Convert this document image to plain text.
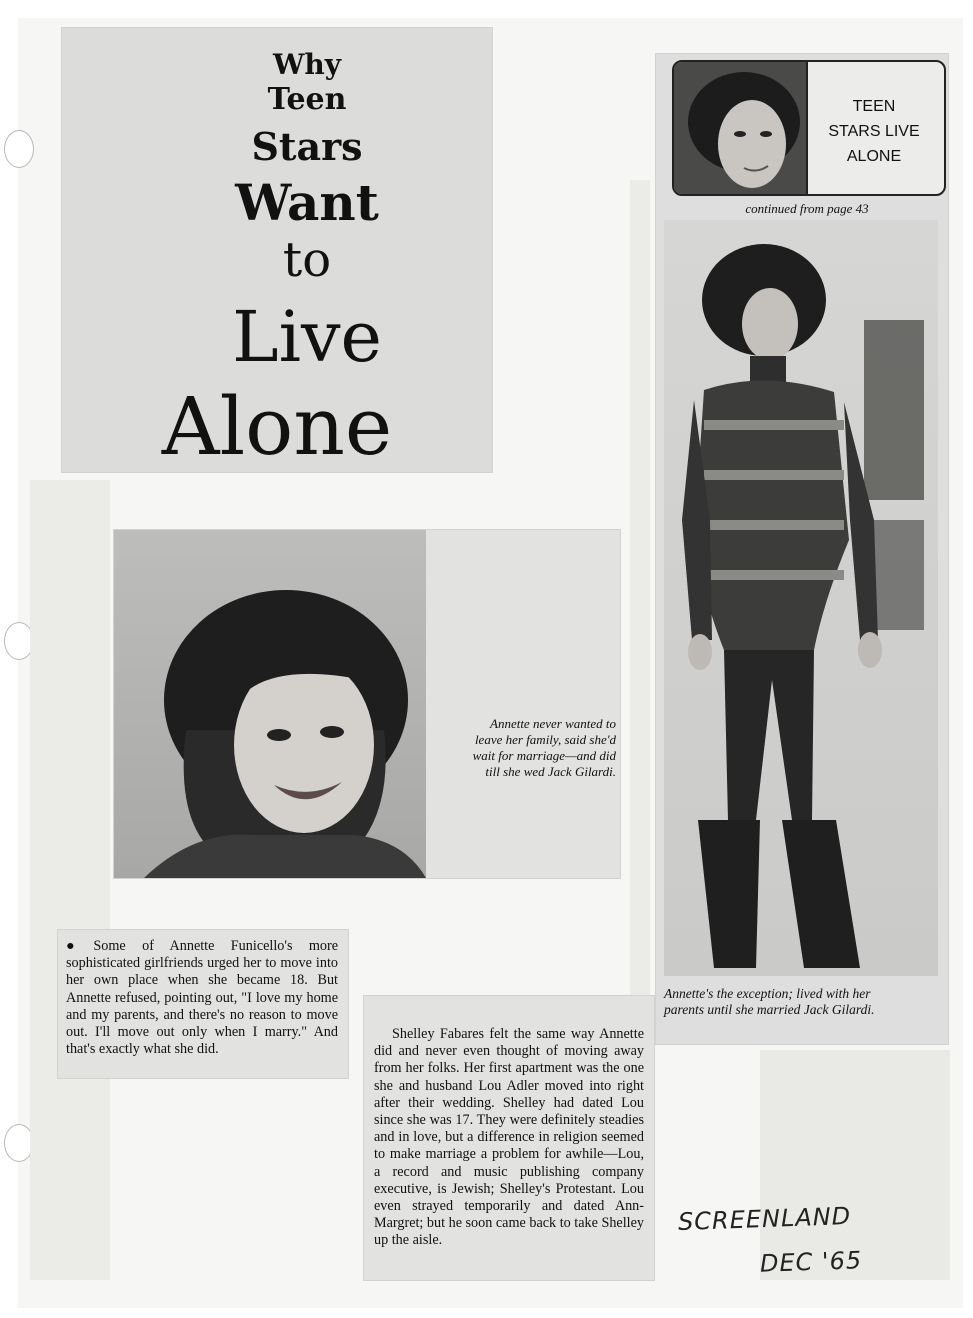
Why
Teen
Stars
Want
to
Live
Alone
Annette never wanted to
leave her family, said she'd
wait for marriage—and did
till she wed Jack Gilardi.
TEEN
STARS LIVE
ALONE
continued from page 43
Annette's the exception; lived with her
parents until she married Jack Gilardi.
● Some of Annette Funicello's more sophisticated girlfriends urged her to move into her own place when she became 18. But Annette refused, pointing out, "I love my home and my parents, and there's no reason to move out. I'll move out only when I marry." And that's exactly what she did.
Shelley Fabares felt the same way Annette did and never even thought of moving away from her folks. Her first apartment was the one she and husband Lou Adler moved into right after their wedding. Shelley had dated Lou since she was 17. They were definitely steadies and in love, but a difference in religion seemed to make marriage a problem for awhile—Lou, a record and music publishing company executive, is Jewish; Shelley's Protestant. Lou even strayed temporarily and dated Ann-Margret; but he soon came back to take Shelley up the aisle.
SCREENLAND
DEC '65
